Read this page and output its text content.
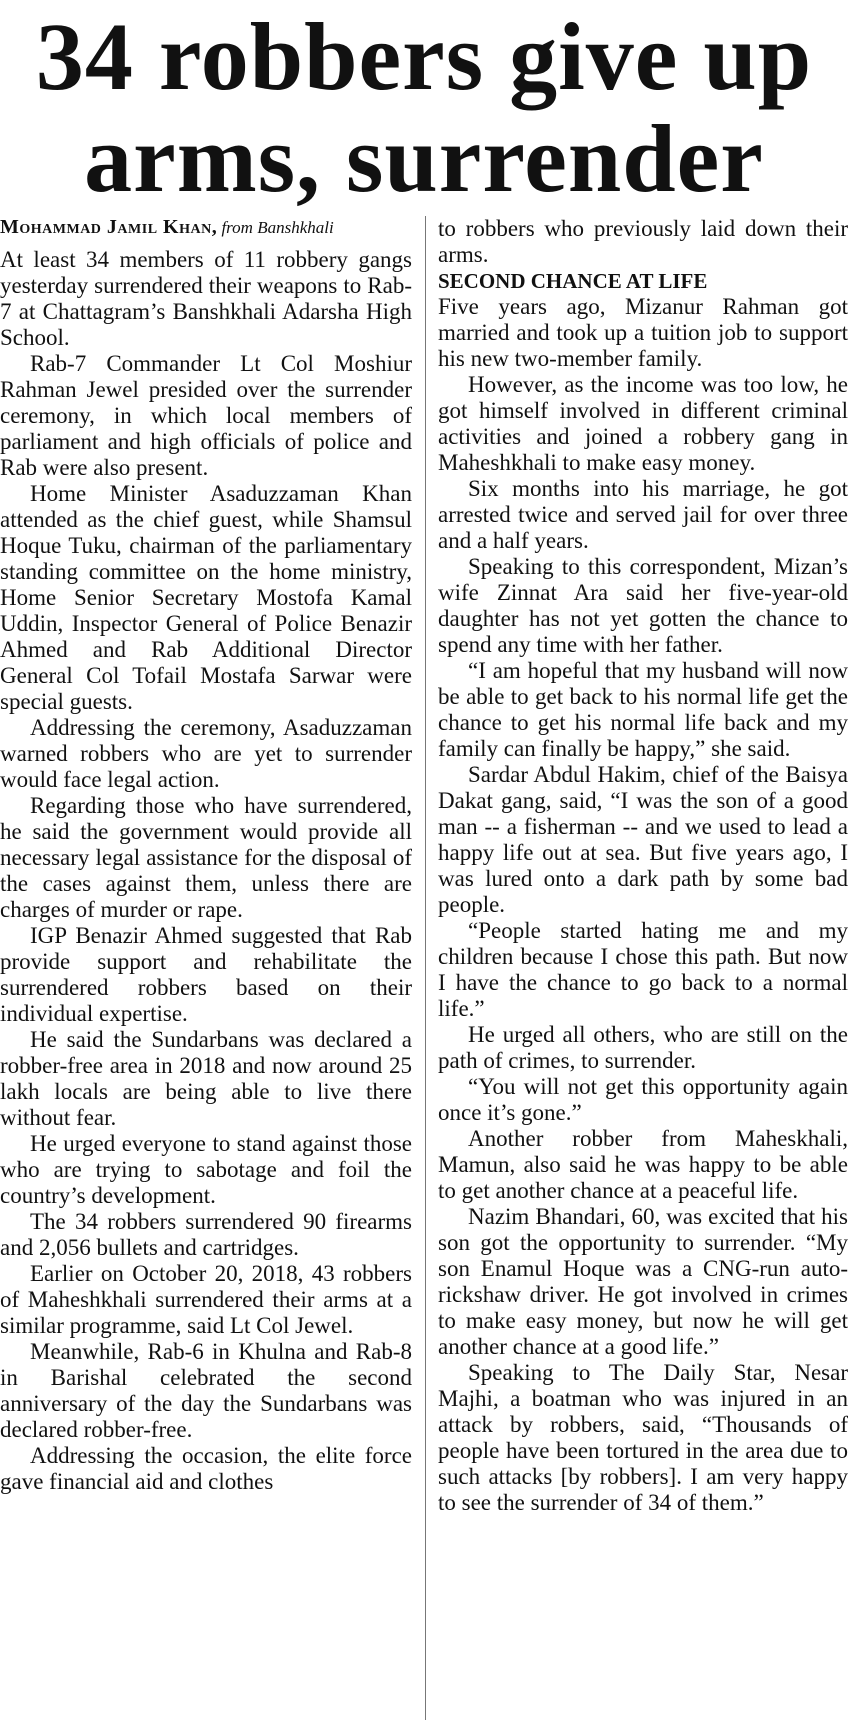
34 robbers give up arms, surrender
Mohammad Jamil Khan, from Banshkhali

At least 34 members of 11 robbery gangs yesterday surrendered their weapons to Rab-7 at Chattagram’s Banshkhali Adarsha High School.

Rab-7 Commander Lt Col Moshiur Rahman Jewel presided over the surrender ceremony, in which local members of parliament and high officials of police and Rab were also present.

Home Minister Asaduzzaman Khan attended as the chief guest, while Shamsul Hoque Tuku, chairman of the parliamentary standing committee on the home ministry, Home Senior Secretary Mostofa Kamal Uddin, Inspector General of Police Benazir Ahmed and Rab Additional Director General Col Tofail Mostafa Sarwar were special guests.

Addressing the ceremony, Asaduzzaman warned robbers who are yet to surrender would face legal action.

Regarding those who have surrendered, he said the government would provide all necessary legal assistance for the disposal of the cases against them, unless there are charges of murder or rape.

IGP Benazir Ahmed suggested that Rab provide support and rehabilitate the surrendered robbers based on their individual expertise.

He said the Sundarbans was declared a robber-free area in 2018 and now around 25 lakh locals are being able to live there without fear.

He urged everyone to stand against those who are trying to sabotage and foil the country’s development.

The 34 robbers surrendered 90 firearms and 2,056 bullets and cartridges.

Earlier on October 20, 2018, 43 robbers of Maheshkhali surrendered their arms at a similar programme, said Lt Col Jewel.

Meanwhile, Rab-6 in Khulna and Rab-8 in Barishal celebrated the second anniversary of the day the Sundarbans was declared robber-free.

Addressing the occasion, the elite force gave financial aid and clothes

to robbers who previously laid down their arms.

SECOND CHANCE AT LIFE

Five years ago, Mizanur Rahman got married and took up a tuition job to support his new two-member family.

However, as the income was too low, he got himself involved in different criminal activities and joined a robbery gang in Maheshkhali to make easy money.

Six months into his marriage, he got arrested twice and served jail for over three and a half years.

Speaking to this correspondent, Mizan’s wife Zinnat Ara said her five-year-old daughter has not yet gotten the chance to spend any time with her father.

“I am hopeful that my husband will now be able to get back to his normal life get the chance to get his normal life back and my family can finally be happy,” she said.

Sardar Abdul Hakim, chief of the Baisya Dakat gang, said, “I was the son of a good man -- a fisherman -- and we used to lead a happy life out at sea. But five years ago, I was lured onto a dark path by some bad people.

“People started hating me and my children because I chose this path. But now I have the chance to go back to a normal life.”

He urged all others, who are still on the path of crimes, to surrender.

“You will not get this opportunity again once it’s gone.”

Another robber from Maheskhali, Mamun, also said he was happy to be able to get another chance at a peaceful life.

Nazim Bhandari, 60, was excited that his son got the opportunity to surrender. “My son Enamul Hoque was a CNG-run auto-rickshaw driver. He got involved in crimes to make easy money, but now he will get another chance at a good life.”

Speaking to The Daily Star, Nesar Majhi, a boatman who was injured in an attack by robbers, said, “Thousands of people have been tortured in the area due to such attacks [by robbers]. I am very happy to see the surrender of 34 of them.”
